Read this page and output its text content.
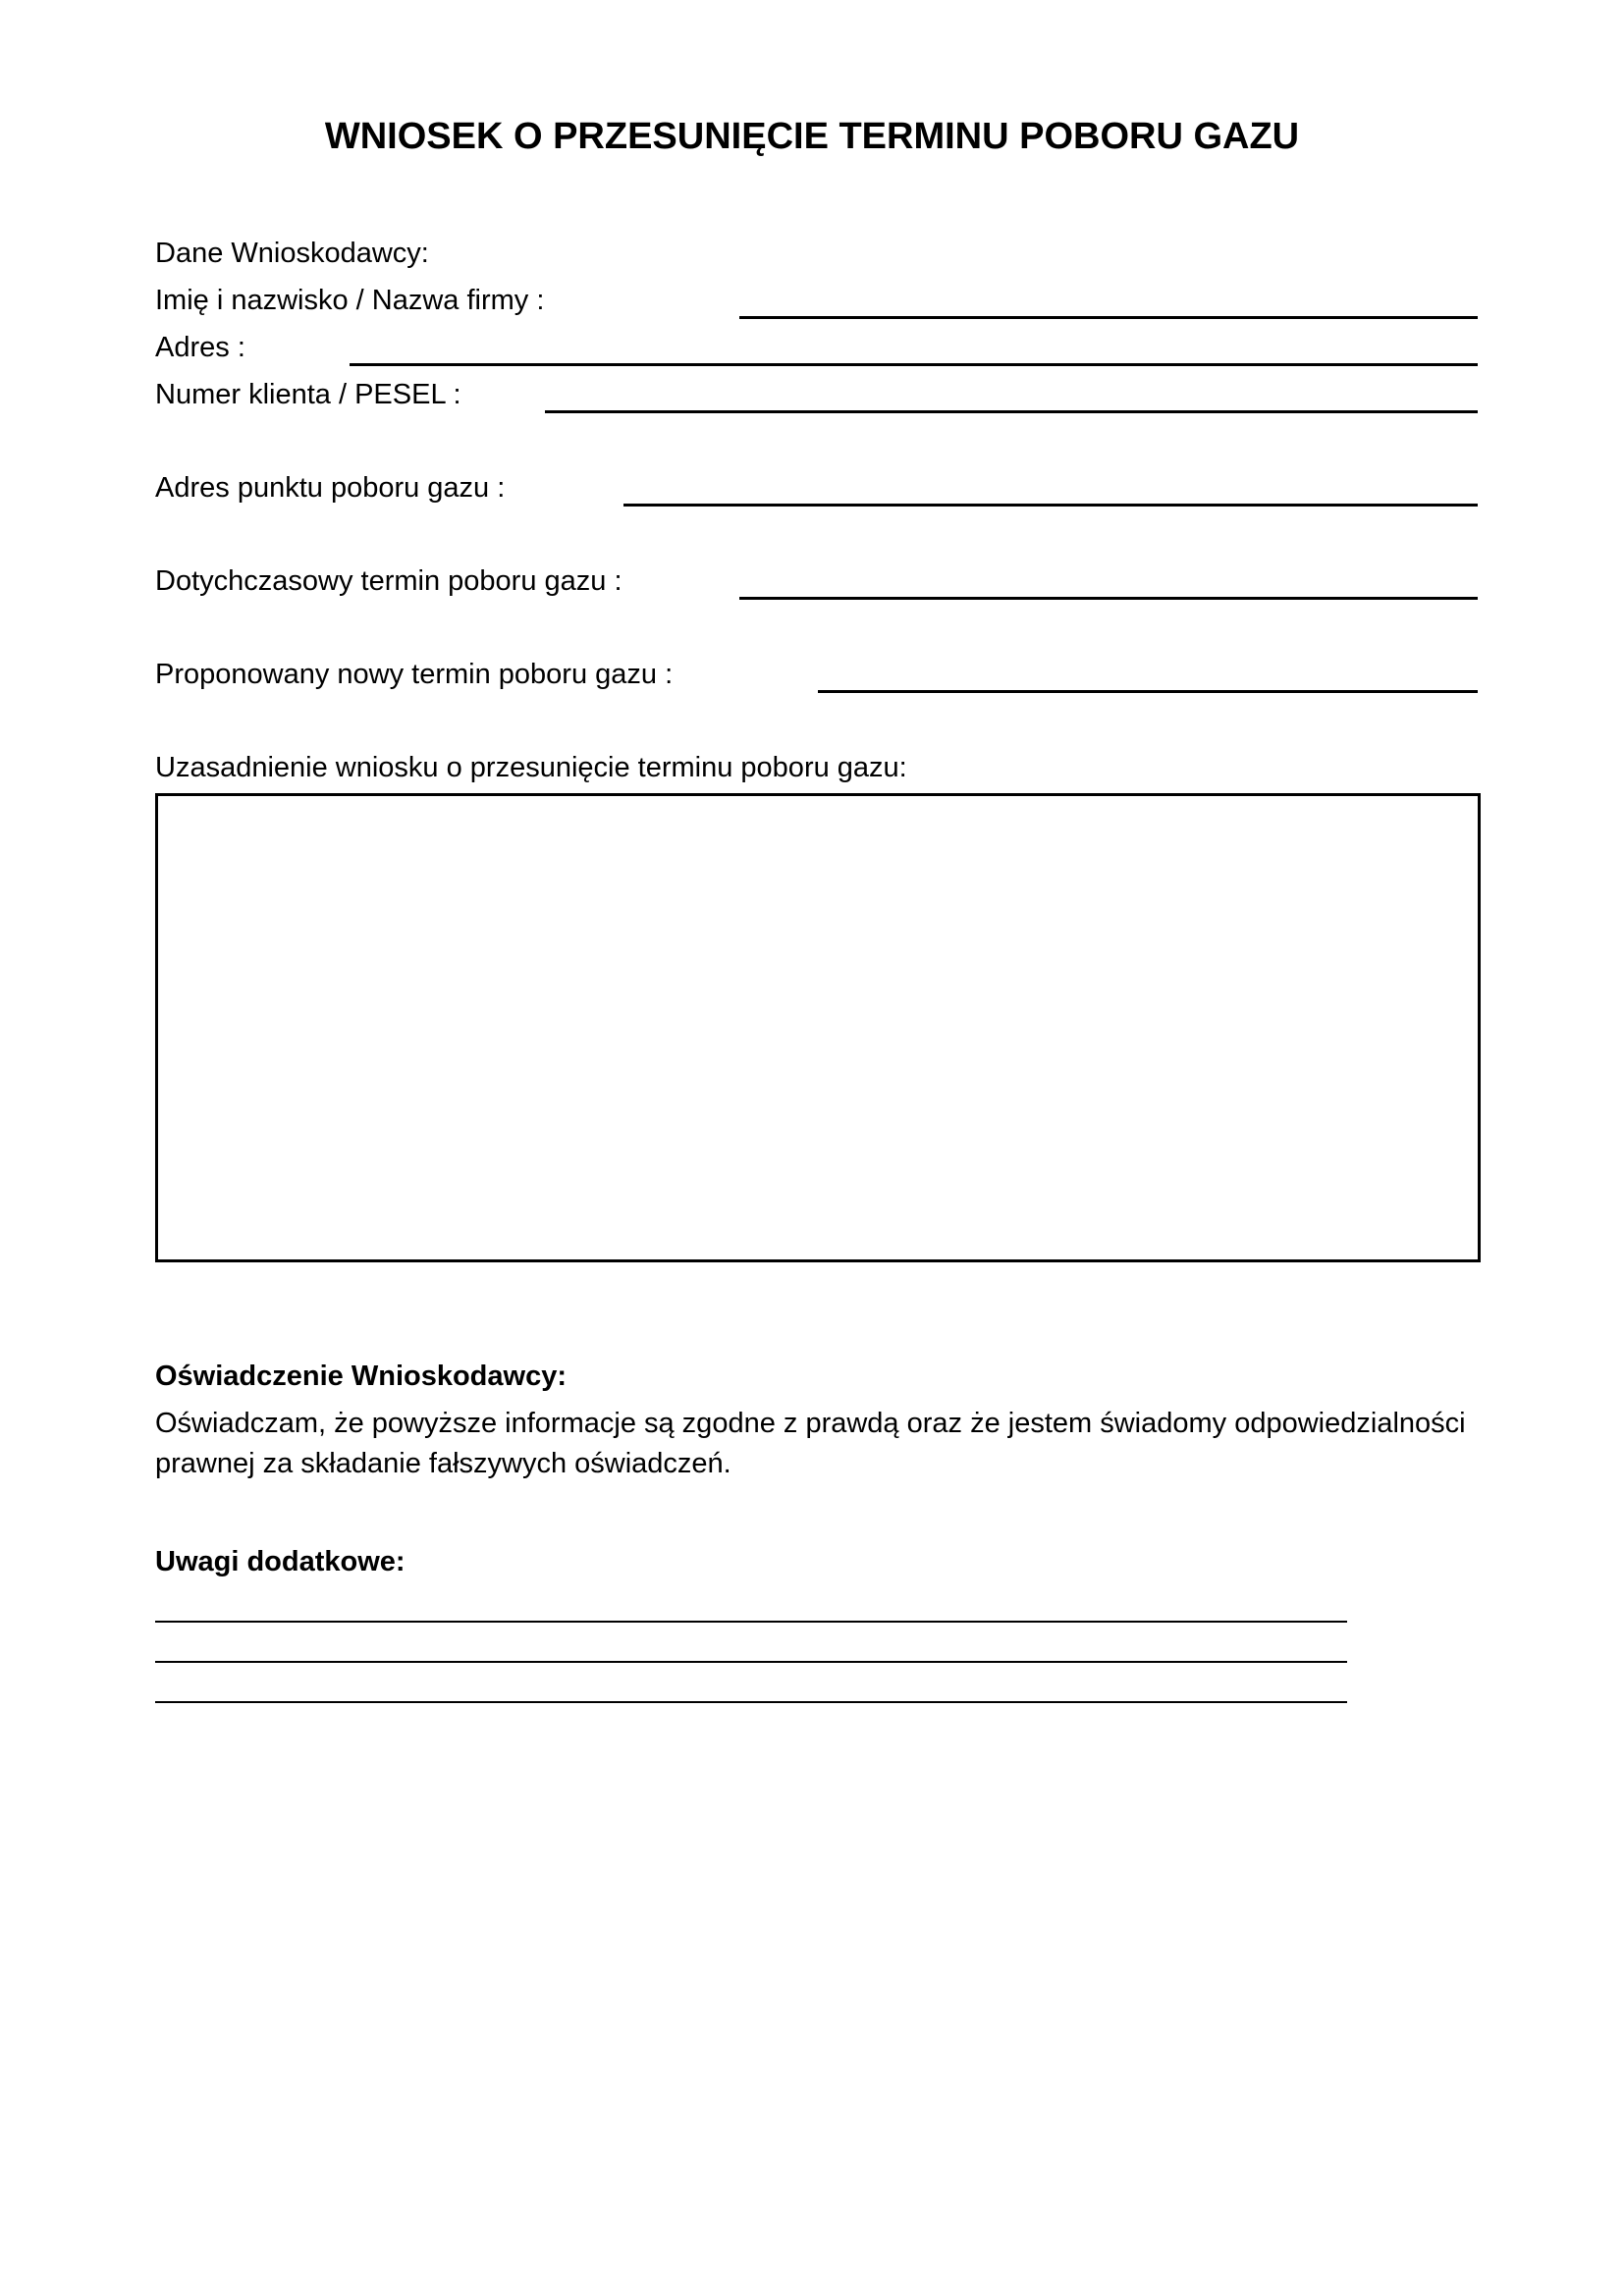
WNIOSEK O PRZESUNIĘCIE TERMINU POBORU GAZU
Dane Wnioskodawcy:
Imię i nazwisko / Nazwa firmy :
Adres :
Numer klienta / PESEL :
Adres punktu poboru gazu :
Dotychczasowy termin poboru gazu :
Proponowany nowy termin poboru gazu :
Uzasadnienie wniosku o przesunięcie terminu poboru gazu:
Oświadczenie Wnioskodawcy:
Oświadczam, że powyższe informacje są zgodne z prawdą oraz że jestem świadomy odpowiedzialności prawnej za składanie fałszywych oświadczeń.
Uwagi dodatkowe:
